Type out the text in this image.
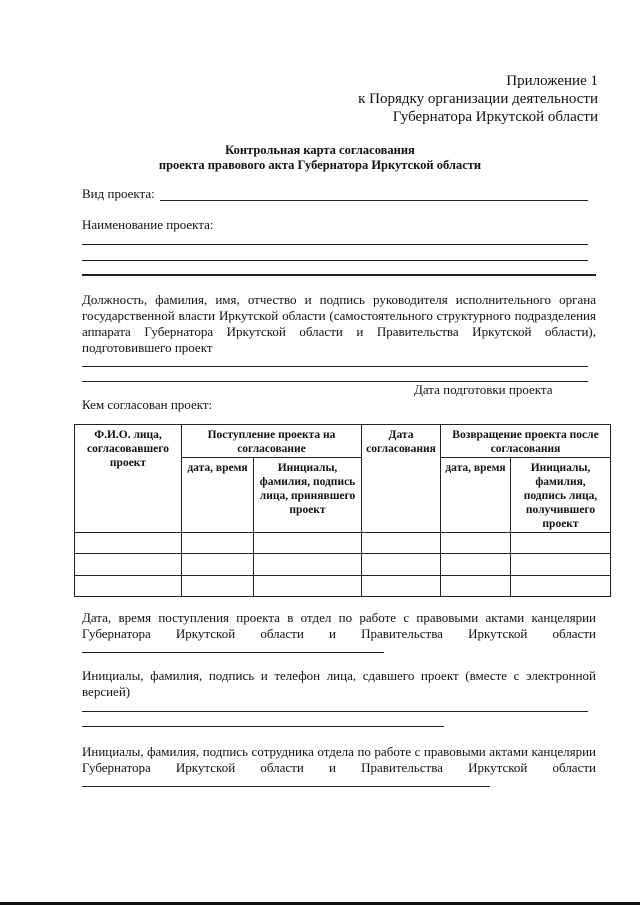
Приложение 1
к Порядку организации деятельности
Губернатора Иркутской области
Контрольная карта согласования
проекта правового акта Губернатора Иркутской области
Вид проекта:
Наименование проекта:
Должность, фамилия, имя, отчество и подпись руководителя исполнительного органа государственной власти Иркутской области (самостоятельного структурного подразделения аппарата Губернатора Иркутской области и Правительства Иркутской области), подготовившего проект
Дата подготовки проекта
Кем согласован проект:
Ф.И.О. лица, согласовавшего проект	Поступление проекта на согласование		Дата согласования	Возвращение проекта после согласования	
	дата, время	Инициалы, фамилия, подпись лица, принявшего проект		дата, время	Инициалы, фамилия, подпись лица, получившего проект

Дата, время поступления проекта в отдел по работе с правовыми актами канцелярии Губернатора Иркутской области и Правительства Иркутской области
Инициалы, фамилия, подпись и телефон лица, сдавшего проект (вместе с электронной версией)
Инициалы, фамилия, подпись сотрудника отдела по работе с правовыми актами канцелярии Губернатора Иркутской области и Правительства Иркутской области
